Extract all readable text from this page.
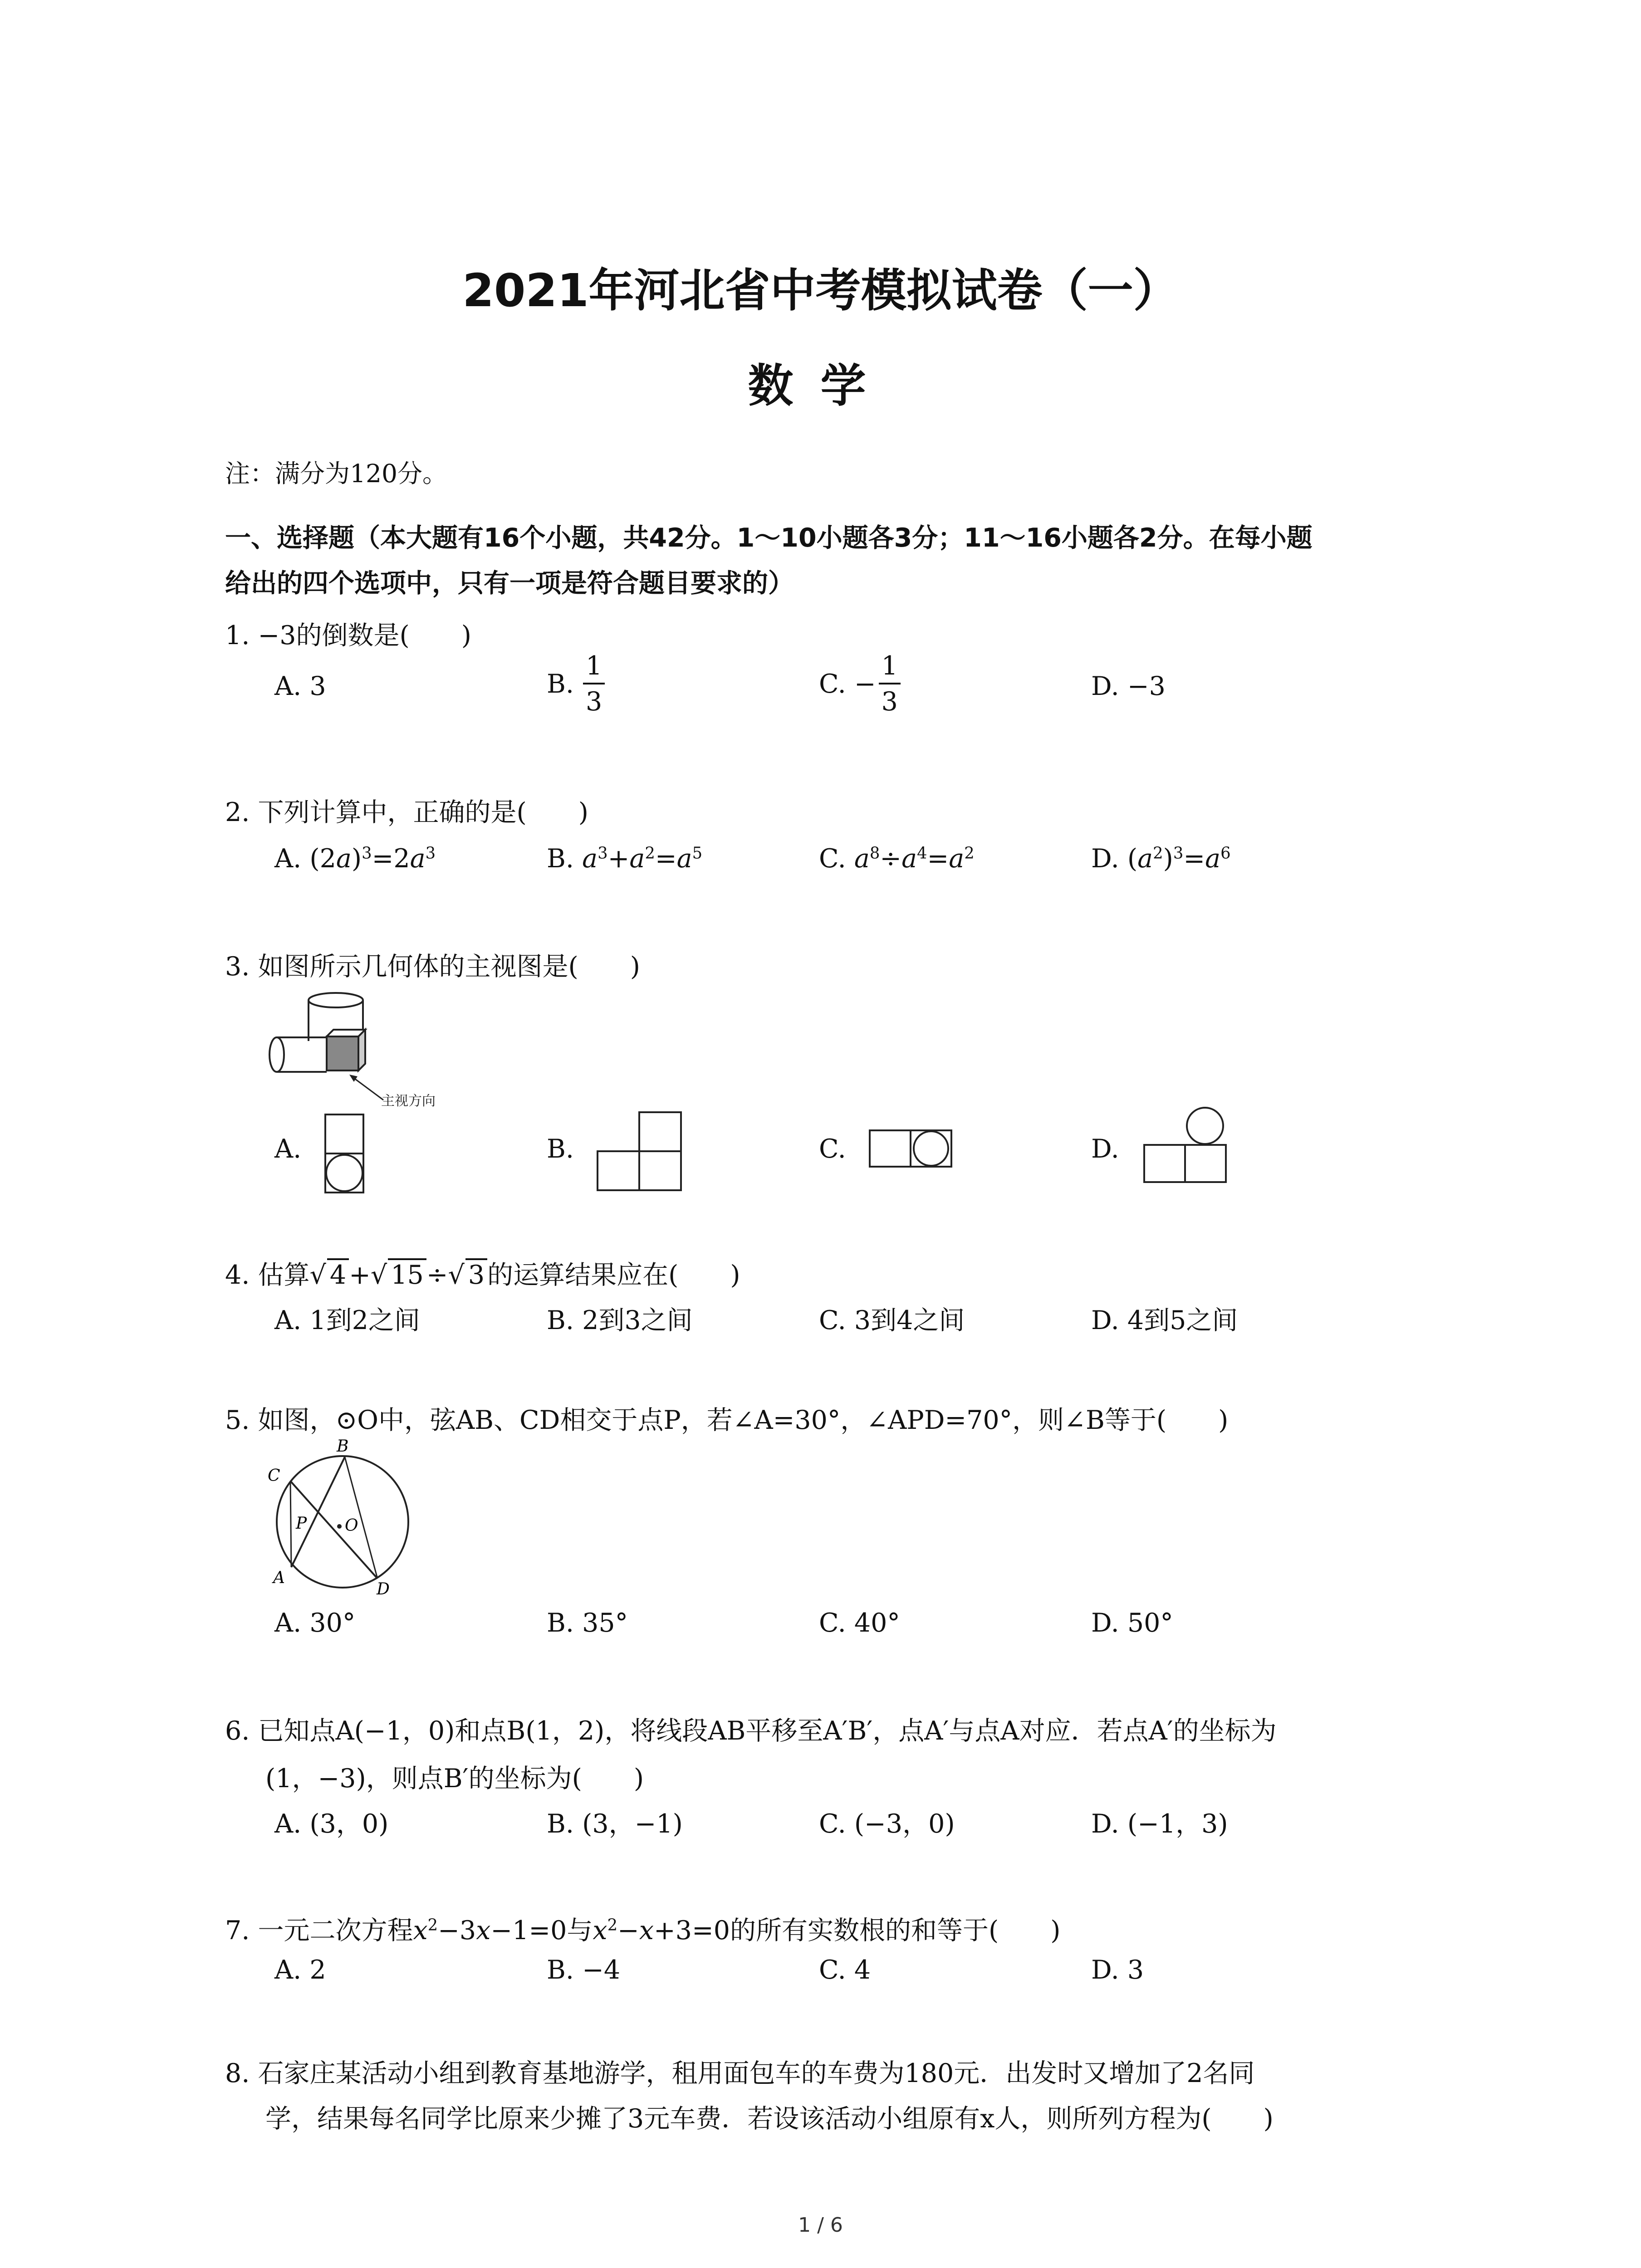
2021年河北省中考模拟试卷（一）
数学
注：满分为120分。
一、选择题（本大题有16个小题，共42分。1～10小题各3分；11～16小题各2分。在每小题
给出的四个选项中，只有一项是符合题目要求的）
1. −3的倒数是(　　)
A. 3	B. $\frac{1}{3}$	C. − $\frac{1}{3}$	D. −3
2. 下列计算中，正确的是(　　)
A. $(2a)^3=2a^3$	B. $a^3+a^2=a^5$	C. $a^8\div a^4=a^2$	D. $(a^2)^3=a^6$
3. 如图所示几何体的主视图是(　　)
主视方向
A.	B.	C.	D.
4. 估算√ 4 +√ 15 ÷√ 3 的运算结果应在(　　)
A. 1到2之间	B. 2到3之间	C. 3到4之间	D. 4到5之间
5. 如图，⊙O中，弦AB、CD相交于点P，若∠A=30°，∠APD=70°，则∠B等于(　　)
B
C
P O
A
D
A. 30°	B. 35°	C. 40°	D. 50°
6. 已知点A(−1，0)和点B(1，2)，将线段AB平移至A′B′，点A′与点A对应．若点A′的坐标为
(1，−3)，则点B′的坐标为(　　)
A. (3，0)	B. (3，−1)	C. (−3，0)	D. (−1，3)
7. 一元二次方程$x^2-3x-1=0$与$x^2-x+3=0$的所有实数根的和等于(　　)
A. 2	B. −4	C. 4	D. 3
8. 石家庄某活动小组到教育基地游学，租用面包车的车费为180元．出发时又增加了2名同
学，结果每名同学比原来少摊了3元车费．若设该活动小组原有x人，则所列方程为(　　)
1 / 6
